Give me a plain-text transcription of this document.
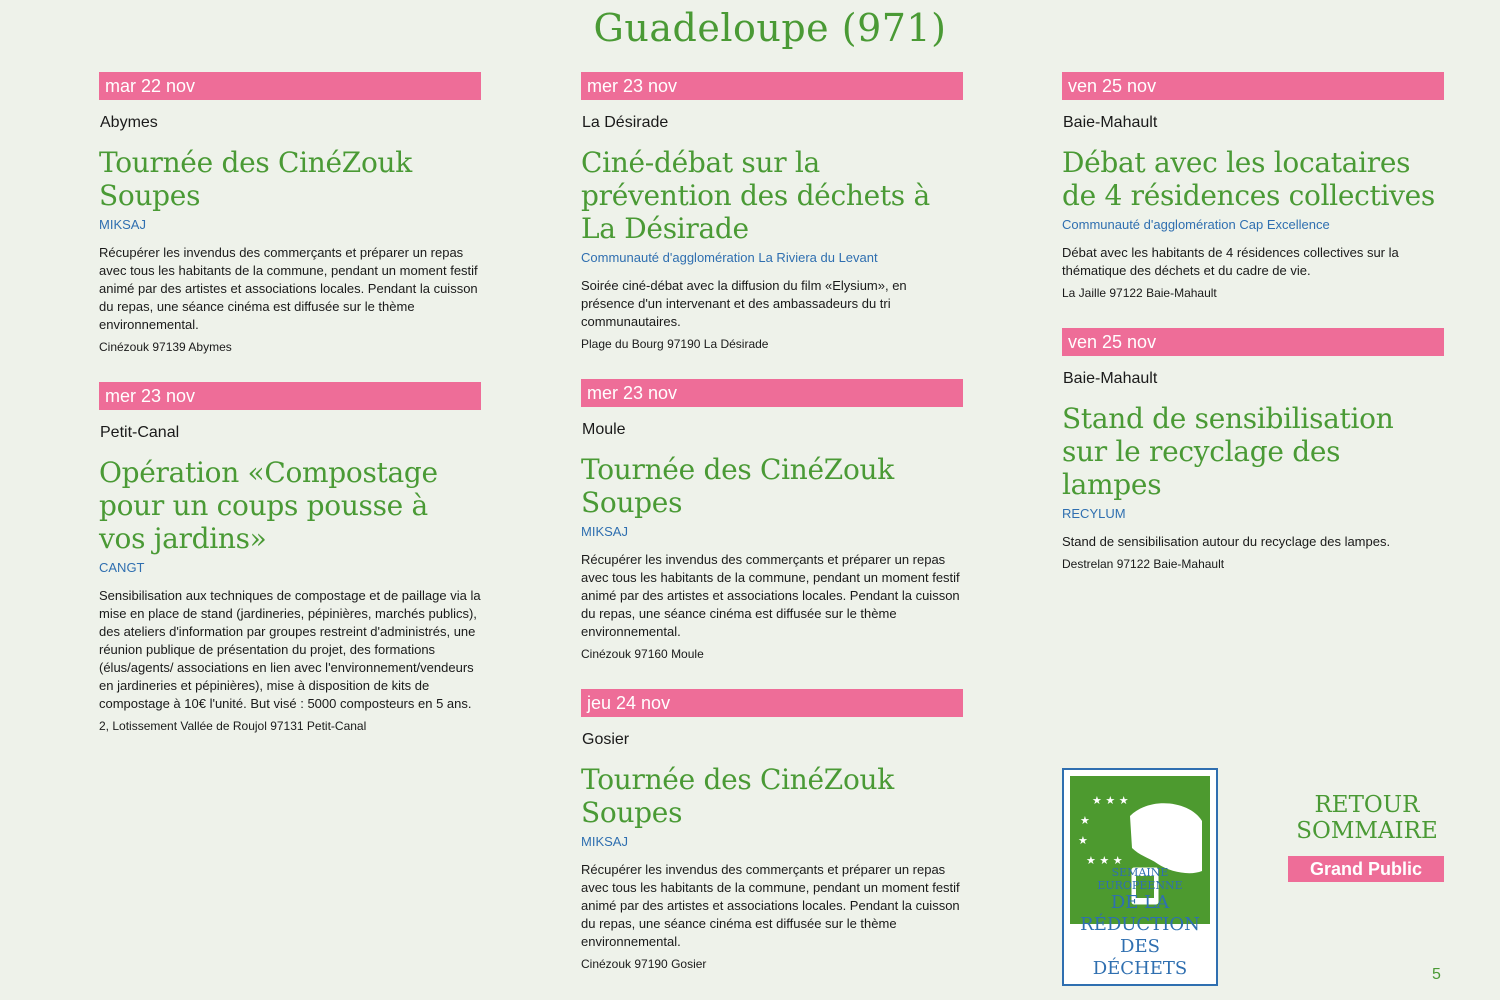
Guadeloupe (971)
mar 22 nov
Abymes
Tournée des CinéZouk Soupes
MIKSAJ
Récupérer les invendus des commerçants et préparer un repas avec tous les habitants de la commune, pendant un moment festif animé par des artistes et associations locales. Pendant la cuisson du repas, une séance cinéma est diffusée sur le thème environnemental.
Cinézouk 97139 Abymes
mer 23 nov
Petit-Canal
Opération «Compostage pour un coups pousse à vos jardins»
CANGT
Sensibilisation aux techniques de compostage et de paillage via la mise en place de stand (jardineries, pépinières, marchés publics), des ateliers d'information par groupes restreint d'administrés, une réunion publique de présentation du projet, des formations (élus/agents/ associations en lien avec l'environnement/vendeurs en jardineries et pépinières), mise à disposition de kits de compostage à 10€ l'unité. But visé : 5000 composteurs en 5 ans.
2, Lotissement Vallée de Roujol 97131 Petit-Canal
mer 23 nov
La Désirade
Ciné-débat sur la prévention des déchets à La Désirade
Communauté d'agglomération La Riviera du Levant
Soirée ciné-débat avec la diffusion du film «Elysium», en présence d'un intervenant et des ambassadeurs du tri communautaires.
Plage du Bourg 97190 La Désirade
mer 23 nov
Moule
Tournée des CinéZouk Soupes
MIKSAJ
Récupérer les invendus des commerçants et préparer un repas avec tous les habitants de la commune, pendant un moment festif animé par des artistes et associations locales. Pendant la cuisson du repas, une séance cinéma est diffusée sur le thème environnemental.
Cinézouk 97160 Moule
jeu 24 nov
Gosier
Tournée des CinéZouk Soupes
MIKSAJ
Récupérer les invendus des commerçants et préparer un repas avec tous les habitants de la commune, pendant un moment festif animé par des artistes et associations locales. Pendant la cuisson du repas, une séance cinéma est diffusée sur le thème environnemental.
Cinézouk 97190 Gosier
ven 25 nov
Baie-Mahault
Débat avec les locataires de 4 résidences collectives
Communauté d'agglomération Cap Excellence
Débat avec les habitants de 4 résidences collectives sur la thématique des déchets et du cadre de vie.
La Jaille 97122 Baie-Mahault
ven 25 nov
Baie-Mahault
Stand de sensibilisation sur le recyclage des lampes
RECYLUM
Stand de sensibilisation autour du recyclage des lampes.
Destrelan 97122 Baie-Mahault
★ ★ ★
★
★
★ ★ ★
SEMAINE EUROPÉENNE
DE LA RÉDUCTION
DES DÉCHETS
RETOUR SOMMAIRE
Grand Public
5
